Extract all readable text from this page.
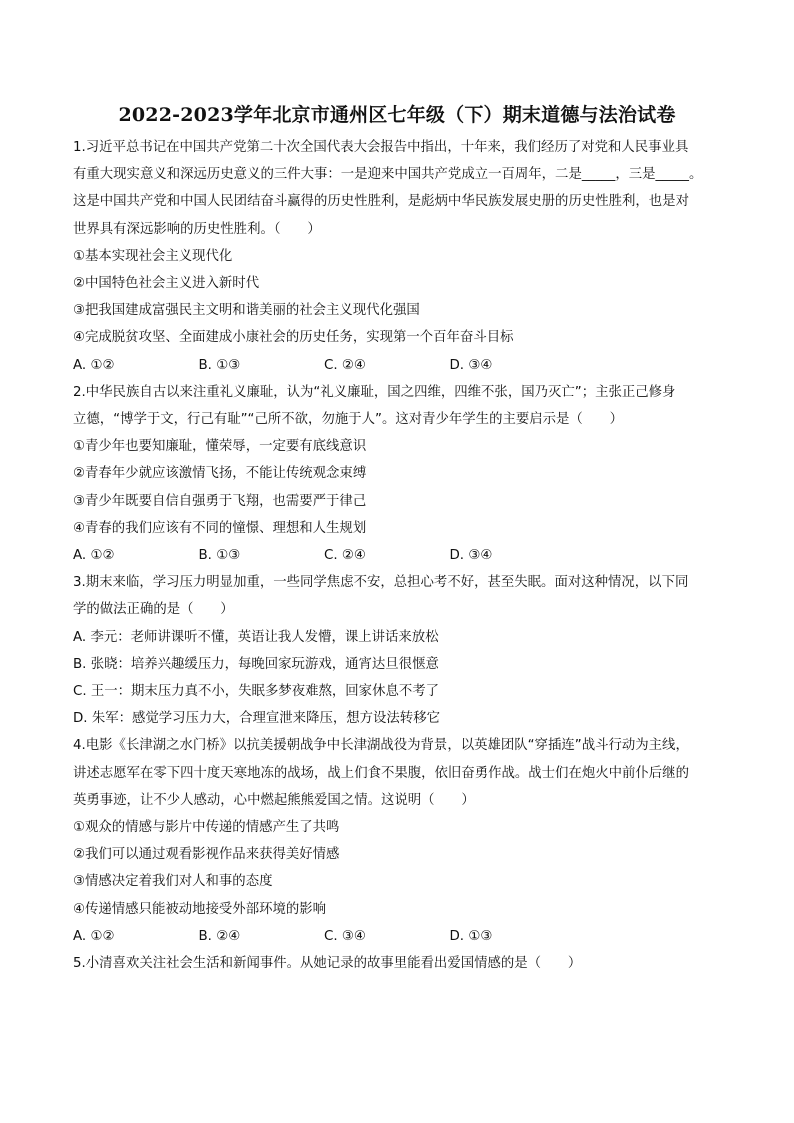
2022-2023学年北京市通州区七年级（下）期末道德与法治试卷
1.习近平总书记在中国共产党第二十次全国代表大会报告中指出，十年来，我们经历了对党和人民事业具
有重大现实意义和深远历史意义的三件大事：一是迎来中国共产党成立一百周年，二是_____，三是_____。
这是中国共产党和中国人民团结奋斗赢得的历史性胜利，是彪炳中华民族发展史册的历史性胜利，也是对
世界具有深远影响的历史性胜利。（　　）
①基本实现社会主义现代化
②中国特色社会主义进入新时代
③把我国建成富强民主文明和谐美丽的社会主义现代化强国
④完成脱贫攻坚、全面建成小康社会的历史任务，实现第一个百年奋斗目标
A. ①②	B. ①③	C. ②④	D. ③④
2.中华民族自古以来注重礼义廉耻，认为“礼义廉耻，国之四维，四维不张，国乃灭亡”；主张正己修身
立德，“博学于文，行己有耻”“己所不欲，勿施于人”。这对青少年学生的主要启示是（　　）
①青少年也要知廉耻，懂荣辱，一定要有底线意识
②青春年少就应该激情飞扬，不能让传统观念束缚
③青少年既要自信自强勇于飞翔，也需要严于律己
④青春的我们应该有不同的憧憬、理想和人生规划
A. ①②	B. ①③	C. ②④	D. ③④
3.期末来临，学习压力明显加重，一些同学焦虑不安，总担心考不好，甚至失眠。面对这种情况，以下同
学的做法正确的是（　　）
A. 李元：老师讲课听不懂，英语让我人发懵，课上讲话来放松
B. 张晓：培养兴趣缓压力，每晚回家玩游戏，通宵达旦很惬意
C. 王一：期末压力真不小，失眠多梦夜难熬，回家休息不考了
D. 朱军：感觉学习压力大，合理宣泄来降压，想方设法转移它
4.电影《长津湖之水门桥》以抗美援朝战争中长津湖战役为背景，以英雄团队“穿插连”战斗行动为主线，
讲述志愿军在零下四十度天寒地冻的战场，战上们食不果腹，依旧奋勇作战。战士们在炮火中前仆后继的
英勇事迹，让不少人感动，心中燃起熊熊爱国之情。这说明（　　）
①观众的情感与影片中传递的情感产生了共鸣
②我们可以通过观看影视作品来获得美好情感
③情感决定着我们对人和事的态度
④传递情感只能被动地接受外部环境的影响
A. ①②	B. ②④	C. ③④	D. ①③
5.小清喜欢关注社会生活和新闻事件。从她记录的故事里能看出爱国情感的是（　　）
